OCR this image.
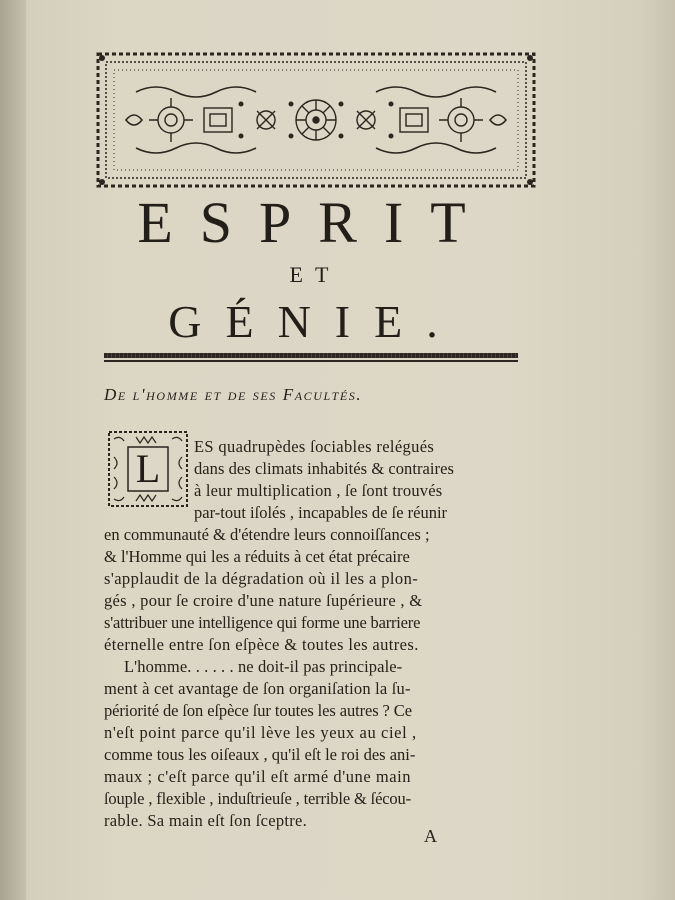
ESPRIT
ET
GÉNIE.
De l'homme et de ses Facultés.
L	ES quadrupèdes ſociables relégués
dans des climats inhabités & contraires
à leur multiplication , ſe ſont trouvés
par-tout iſolés , incapables de ſe réunir
en communauté & d'étendre leurs connoiſſances ;
& l'Homme qui les a réduits à cet état précaire
s'applaudit de la dégradation où il les a plon-
gés , pour ſe croire d'une nature ſupérieure , &
s'attribuer une intelligence qui forme une barriere
éternelle entre ſon eſpèce & toutes les autres.
L'homme. . . . . . ne doit-il pas principale-
ment à cet avantage de ſon organiſation la ſu-
périorité de ſon eſpèce ſur toutes les autres ? Ce
n'eſt point parce qu'il lève les yeux au ciel ,
comme tous les oiſeaux , qu'il eſt le roi des ani-
maux ; c'eſt parce qu'il eſt armé d'une main
ſouple , flexible , induſtrieuſe , terrible & ſécou-
rable. Sa main eſt ſon ſceptre.
A
